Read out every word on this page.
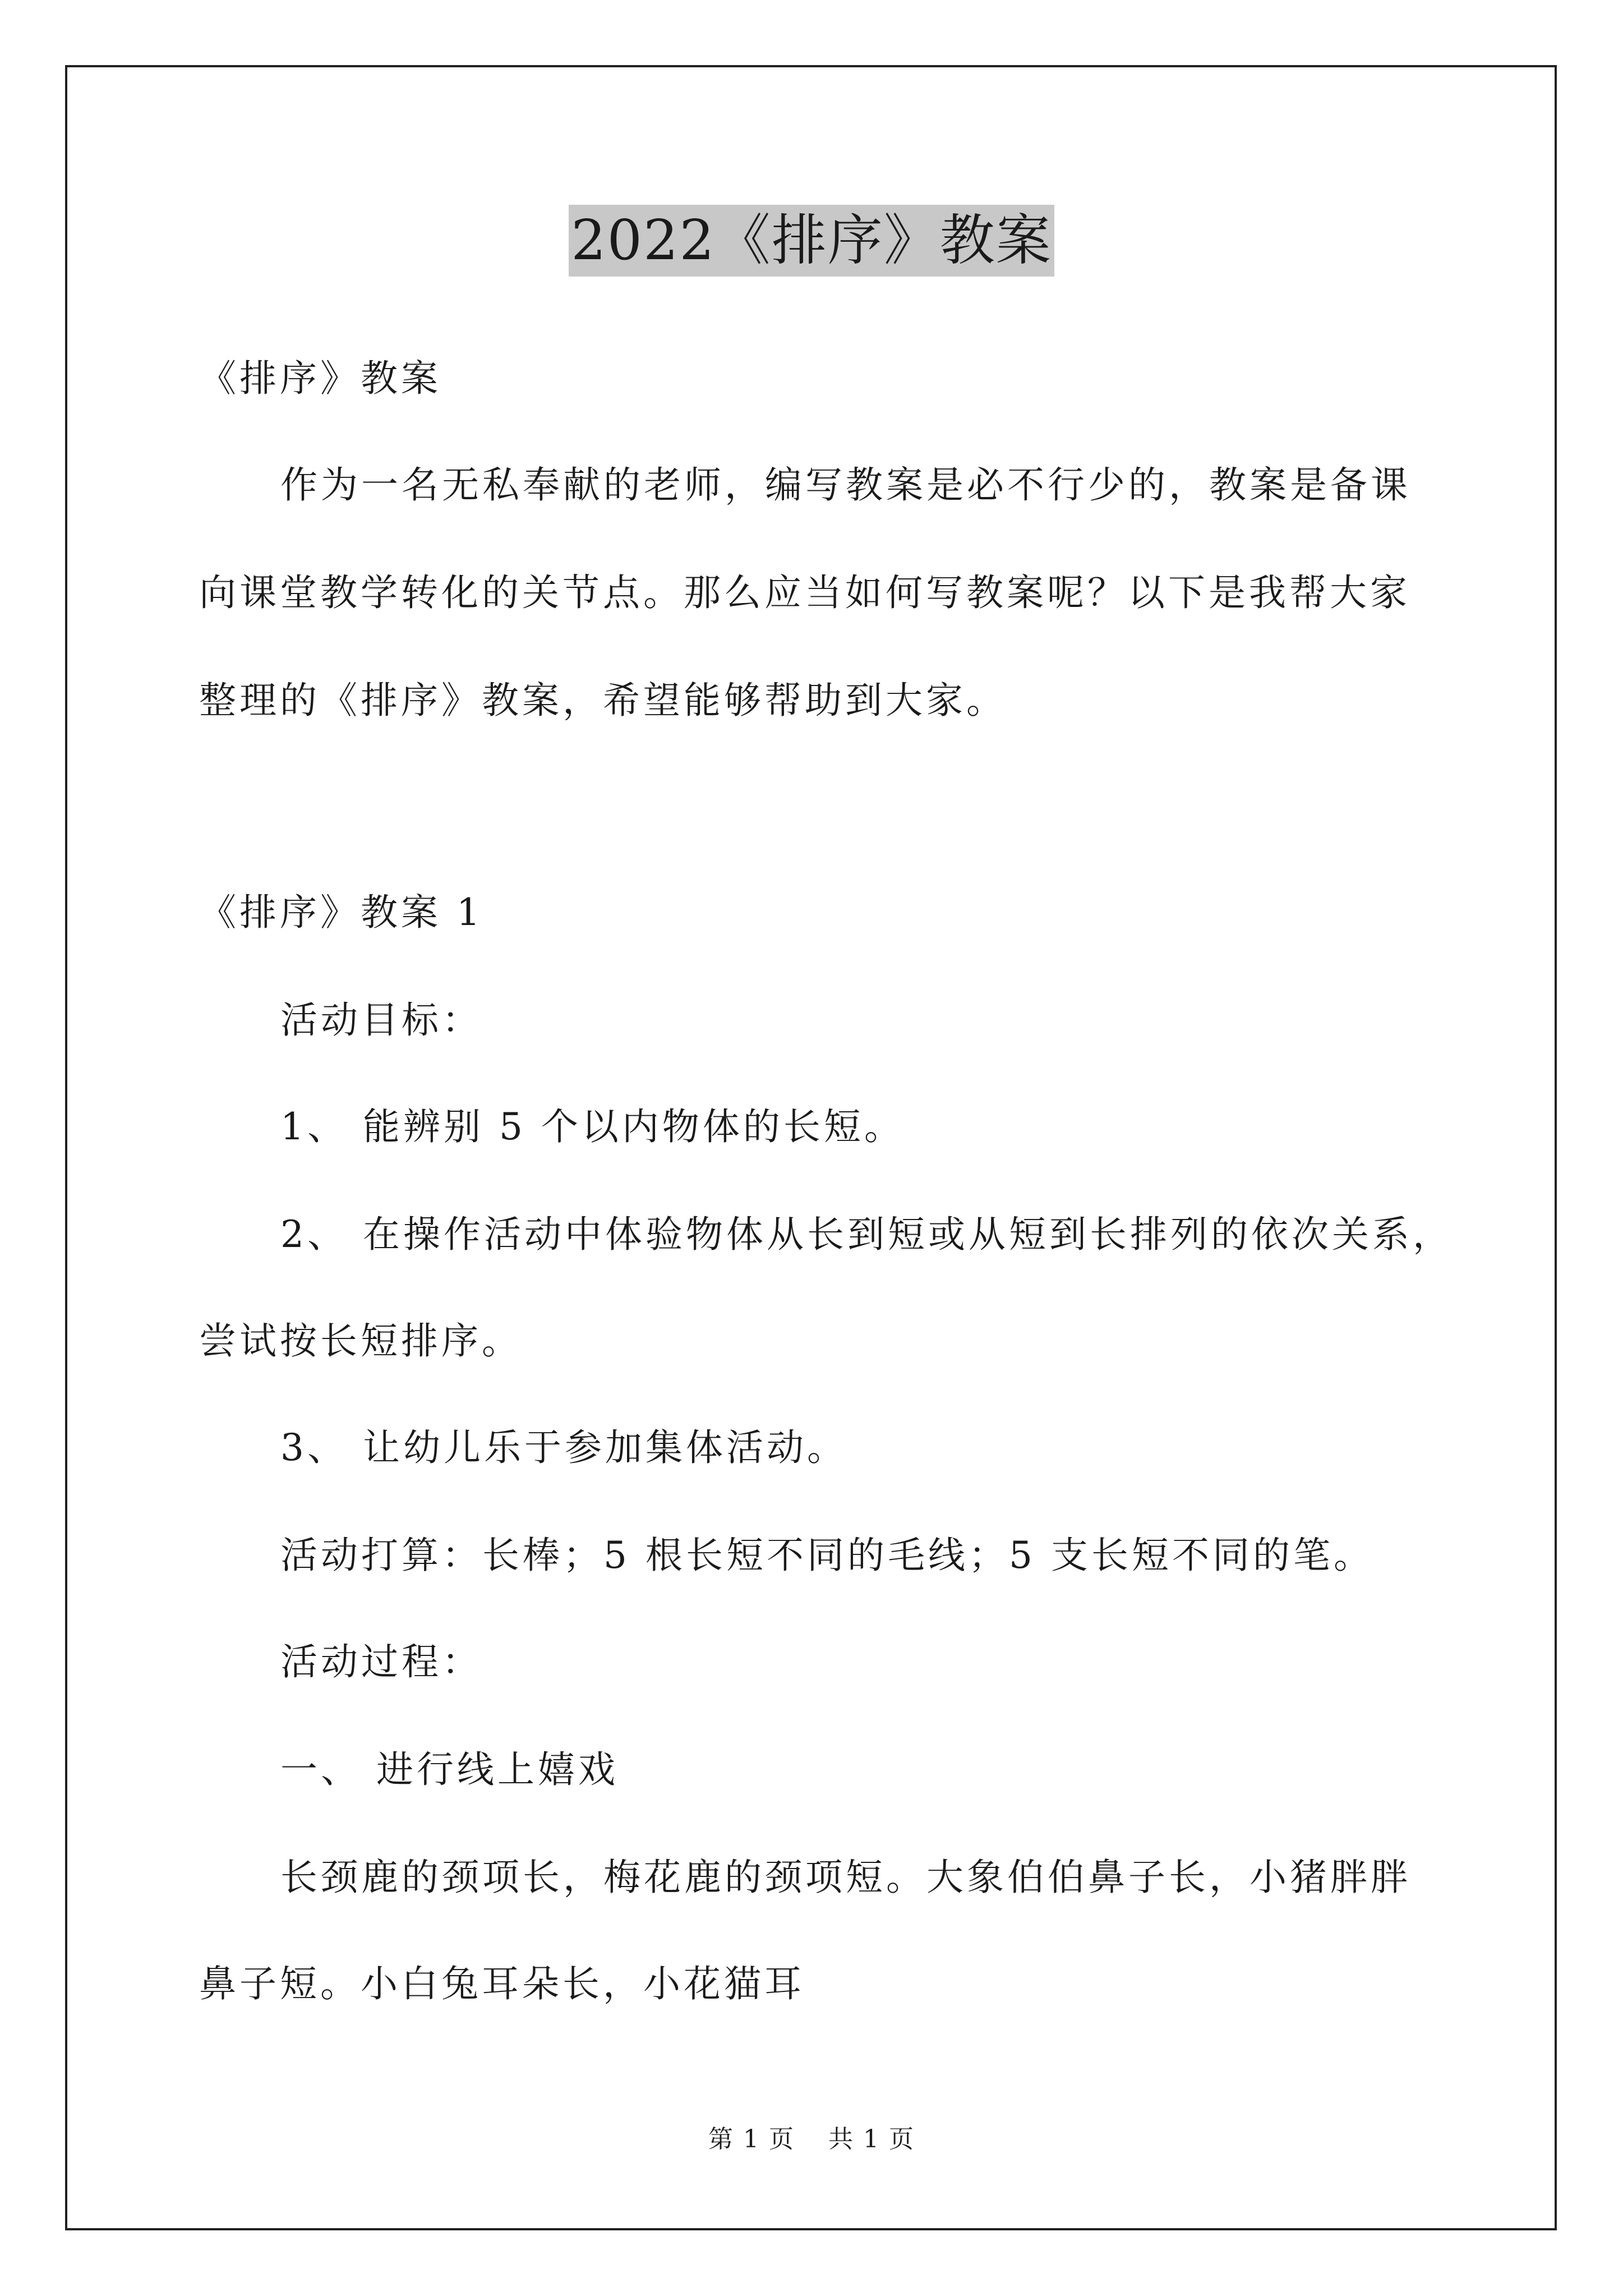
2022《排序》教案
《排序》教案
作为一名无私奉献的老师，编写教案是必不行少的，教案是备课
向课堂教学转化的关节点。那么应当如何写教案呢？以下是我帮大家
整理的《排序》教案，希望能够帮助到大家。
《排序》教案 1
活动目标：
1、 能辨别 5 个以内物体的长短。
2、 在操作活动中体验物体从长到短或从短到长排列的依次关系，
尝试按长短排序。
3、 让幼儿乐于参加集体活动。
活动打算：长棒；5 根长短不同的毛线；5 支长短不同的笔。
活动过程：
一、 进行线上嬉戏
长颈鹿的颈项长，梅花鹿的颈项短。大象伯伯鼻子长，小猪胖胖
鼻子短。小白兔耳朵长，小花猫耳
第 1 页 共 1 页
